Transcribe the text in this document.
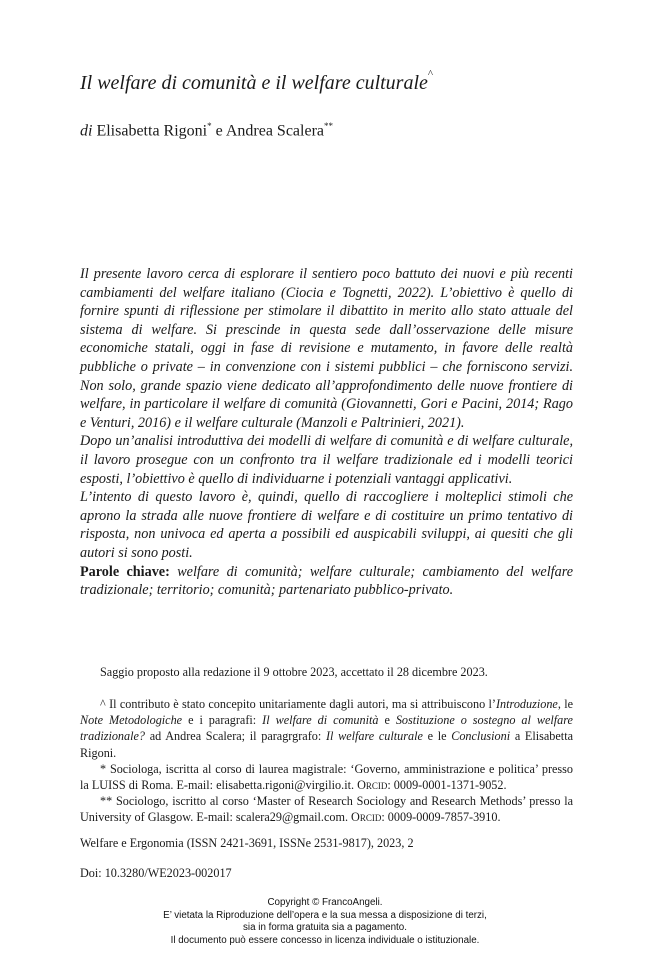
Il welfare di comunità e il welfare culturale^
di Elisabetta Rigoni* e Andrea Scalera**

Il presente lavoro cerca di esplorare il sentiero poco battuto dei nuovi e più recenti cambiamenti del welfare italiano (Ciocia e Tognetti, 2022). L’obiettivo è quello di fornire spunti di riflessione per stimolare il dibattito in merito allo stato attuale del sistema di welfare. Si prescinde in questa sede dall’osservazione delle misure economiche statali, oggi in fase di revisione e mutamento, in favore delle realtà pubbliche o private – in convenzione con i sistemi pubblici – che forniscono servizi. Non solo, grande spazio viene dedicato all’approfondimento delle nuove frontiere di welfare, in particolare il welfare di comunità (Giovannetti, Gori e Pacini, 2014; Rago e Venturi, 2016) e il welfare culturale (Manzoli e Paltrinieri, 2021).

Dopo un’analisi introduttiva dei modelli di welfare di comunità e di welfare culturale, il lavoro prosegue con un confronto tra il welfare tradizionale ed i modelli teorici esposti, l’obiettivo è quello di individuarne i potenziali vantaggi applicativi.

L’intento di questo lavoro è, quindi, quello di raccogliere i molteplici stimoli che aprono la strada alle nuove frontiere di welfare e di costituire un primo tentativo di risposta, non univoca ed aperta a possibili ed auspicabili sviluppi, ai quesiti che gli autori si sono posti.

Parole chiave: welfare di comunità; welfare culturale; cambiamento del welfare tradizionale; territorio; comunità; partenariato pubblico-privato.

Saggio proposto alla redazione il 9 ottobre 2023, accettato il 28 dicembre 2023.

^ Il contributo è stato concepito unitariamente dagli autori, ma si attribuiscono l’Introduzione, le Note Metodologiche e i paragrafi: Il welfare di comunità e Sostituzione o sostegno al welfare tradizionale? ad Andrea Scalera; il paragrgrafo: Il welfare culturale e le Conclusioni a Elisabetta Rigoni.

* Sociologa, iscritta al corso di laurea magistrale: ‘Governo, amministrazione e politica’ presso la LUISS di Roma. E-mail: elisabetta.rigoni@virgilio.it. Orcid: 0009-0001-1371-9052.

** Sociologo, iscritto al corso ‘Master of Research Sociology and Research Methods’ presso la University of Glasgow. E-mail: scalera29@gmail.com. Orcid: 0009-0009-7857-3910.

Welfare e Ergonomia (ISSN 2421-3691, ISSNe 2531-9817), 2023, 2

Doi: 10.3280/WE2023-002017

Copyright © FrancoAngeli.
E’ vietata la Riproduzione dell’opera e la sua messa a disposizione di terzi,
sia in forma gratuita sia a pagamento.
Il documento può essere concesso in licenza individuale o istituzionale.
